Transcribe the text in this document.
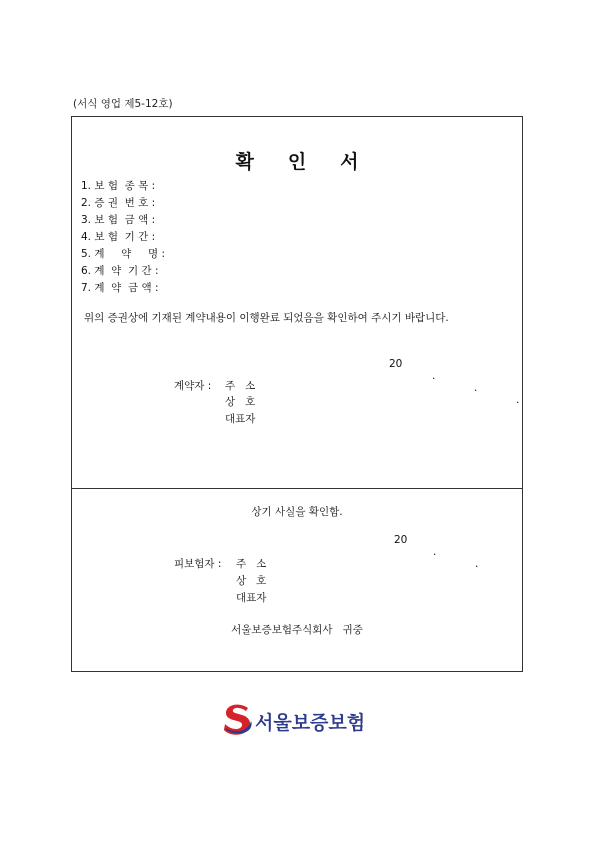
(서식 영업 제5-12호)
확인서
1. 보 험  종 목 :
2. 증 권  번 호 :
3. 보 험  금 액 :
4. 보 험  기 간 :
5. 계     약     명 :
6. 계  약  기 간 :
7. 계  약  금 액 :
위의 증권상에 기재된 계약내용이 이행완료 되었음을 확인하여 주시기 바랍니다.

20

.

.

.

계약자 : 주   소
상   호
대표자
상기 사실을 확인함.

20

.

.

피보험자 : 주   소
상   호
대표자
서울보증보험주식회사   귀중
서울보증보험
